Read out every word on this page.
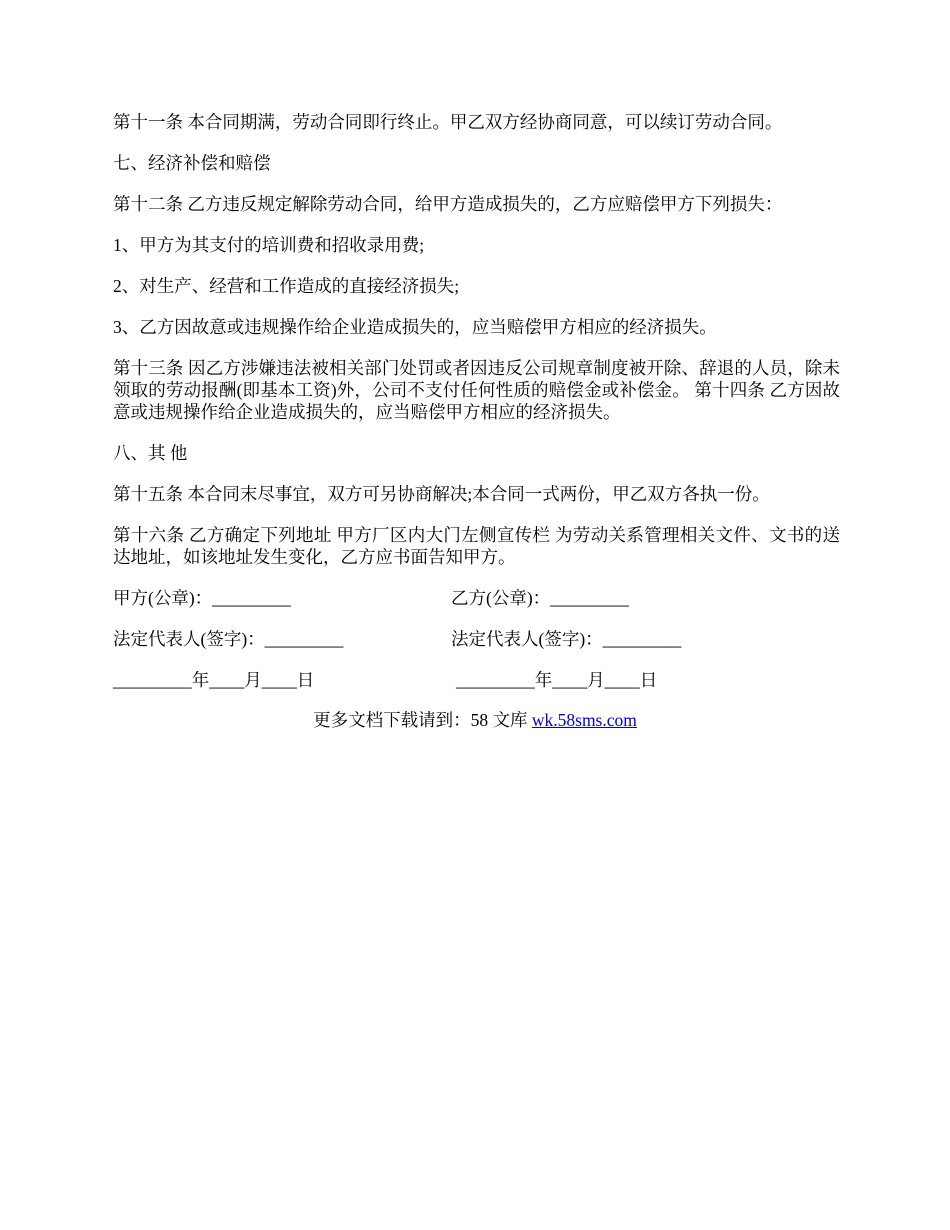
第十一条 本合同期满，劳动合同即行终止。甲乙双方经协商同意，可以续订劳动合同。

七、经济补偿和赔偿

第十二条 乙方违反规定解除劳动合同，给甲方造成损失的，乙方应赔偿甲方下列损失：

1、甲方为其支付的培训费和招收录用费;

2、对生产、经营和工作造成的直接经济损失;

3、乙方因故意或违规操作给企业造成损失的，应当赔偿甲方相应的经济损失。

第十三条 因乙方涉嫌违法被相关部门处罚或者因违反公司规章制度被开除、辞退的人员，除未领取的劳动报酬(即基本工资)外，公司不支付任何性质的赔偿金或补偿金。 第十四条 乙方因故意或违规操作给企业造成损失的，应当赔偿甲方相应的经济损失。

八、其 他

第十五条 本合同末尽事宜，双方可另协商解决;本合同一式两份，甲乙双方各执一份。

第十六条 乙方确定下列地址 甲方厂区内大门左侧宣传栏 为劳动关系管理相关文件、文书的送达地址，如该地址发生变化，乙方应书面告知甲方。

甲方(公章)：_________	乙方(公章)：_________
法定代表人(签字)：_________	法定代表人(签字)：_________
_________年____月____日	_________年____月____日
更多文档下载请到：58 文库 wk.58sms.com
